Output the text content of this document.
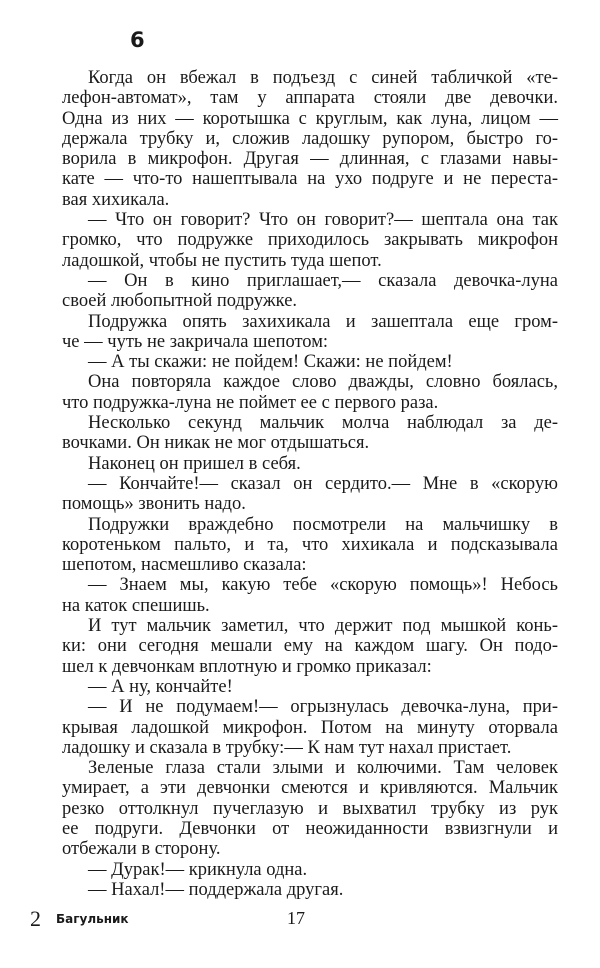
6
Когда он вбежал в подъезд с синей табличкой «те-
лефон-автомат», там у аппарата стояли две девочки.
Одна из них — коротышка с круглым, как луна, лицом —
держала трубку и, сложив ладошку рупором, быстро го-
ворила в микрофон. Другая — длинная, с глазами навы-
кате — что-то нашептывала на ухо подруге и не переста-
вая хихикала.
— Что он говорит? Что он говорит?— шептала она так
громко, что подружке приходилось закрывать микрофон
ладошкой, чтобы не пустить туда шепот.
— Он в кино приглашает,— сказала девочка-луна
своей любопытной подружке.
Подружка опять захихикала и зашептала еще гром-
че — чуть не закричала шепотом:
— А ты скажи: не пойдем! Скажи: не пойдем!
Она повторяла каждое слово дважды, словно боялась,
что подружка-луна не поймет ее с первого раза.
Несколько секунд мальчик молча наблюдал за де-
вочками. Он никак не мог отдышаться.
Наконец он пришел в себя.
— Кончайте!— сказал он сердито.— Мне в «скорую
помощь» звонить надо.
Подружки враждебно посмотрели на мальчишку в
коротеньком пальто, и та, что хихикала и подсказывала
шепотом, насмешливо сказала:
— Знаем мы, какую тебе «скорую помощь»! Небось
на каток спешишь.
И тут мальчик заметил, что держит под мышкой конь-
ки: они сегодня мешали ему на каждом шагу. Он подо-
шел к девчонкам вплотную и громко приказал:
— А ну, кончайте!
— И не подумаем!— огрызнулась девочка-луна, при-
крывая ладошкой микрофон. Потом на минуту оторвала
ладошку и сказала в трубку:— К нам тут нахал пристает.
Зеленые глаза стали злыми и колючими. Там человек
умирает, а эти девчонки смеются и кривляются. Мальчик
резко оттолкнул пучеглазую и выхватил трубку из рук
ее подруги. Девчонки от неожиданности взвизгнули и
отбежали в сторону.
— Дурак!— крикнула одна.
— Нахал!— поддержала другая.
2 Багульник	17
